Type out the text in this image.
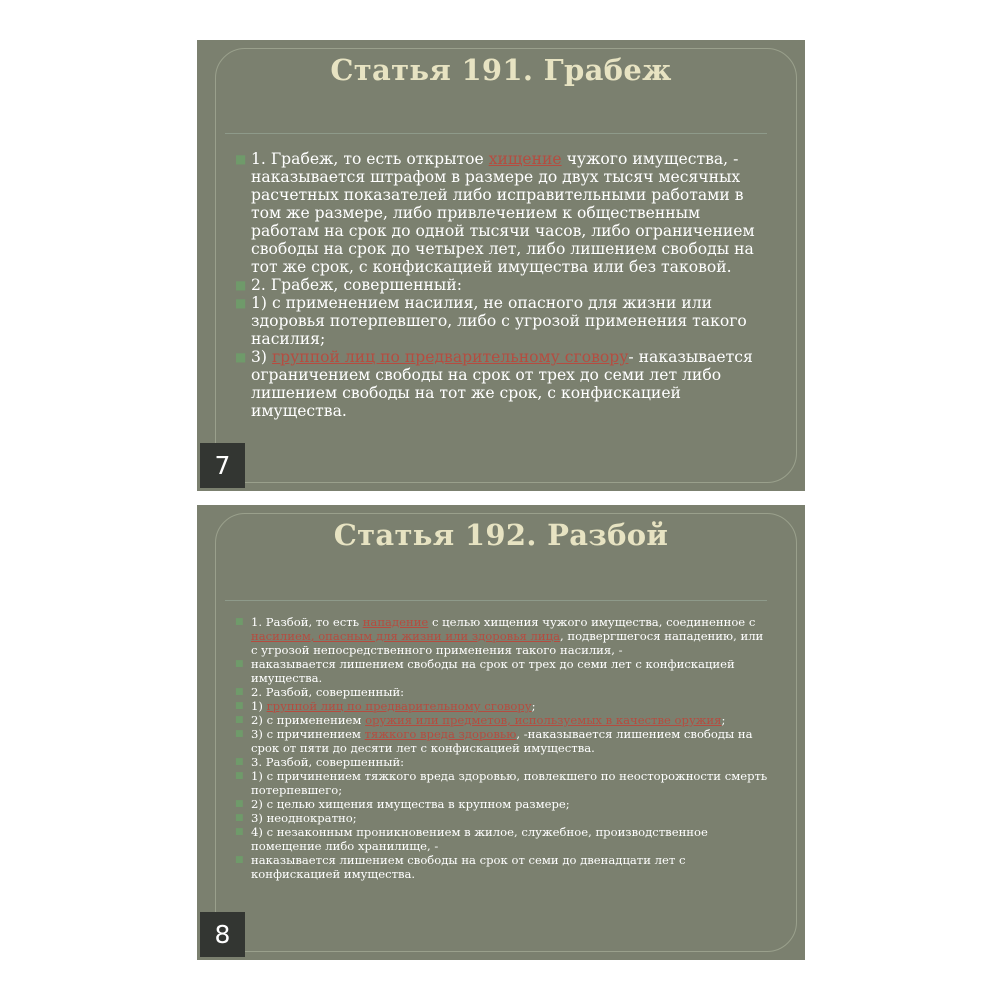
Статья 191. Грабеж
■ 1. Грабеж, то есть открытое хищение чужого имущества, - наказывается штрафом в размере до двух тысяч месячных расчетных показателей либо исправительными работами в том же размере, либо привлечением к общественным работам на срок до одной тысячи часов, либо ограничением свободы на срок до четырех лет, либо лишением свободы на тот же срок, с конфискацией имущества или без таковой.
■ 2. Грабеж, совершенный:
■ 1) с применением насилия, не опасного для жизни или здоровья потерпевшего, либо с угрозой применения такого насилия;
■ 3) группой лиц по предварительному сговору- наказывается ограничением свободы на срок от трех до семи лет либо лишением свободы на тот же срок, с конфискацией имущества.
7
Статья 192. Разбой
■ 1. Разбой, то есть нападение с целью хищения чужого имущества, соединенное с насилием, опасным для жизни или здоровья лица, подвергшегося нападению, или с угрозой непосредственного применения такого насилия, -
■ наказывается лишением свободы на срок от трех до семи лет с конфискацией имущества.
■ 2. Разбой, совершенный:
■ 1) группой лиц по предварительному сговору;
■ 2) с применением оружия или предметов, используемых в качестве оружия;
■ 3) с причинением тяжкого вреда здоровью, -наказывается лишением свободы на срок от пяти до десяти лет с конфискацией имущества.
■ 3. Разбой, совершенный:
■ 1) с причинением тяжкого вреда здоровью, повлекшего по неосторожности смерть потерпевшего;
■ 2) с целью хищения имущества в крупном размере;
■ 3) неоднократно;
■ 4) с незаконным проникновением в жилое, служебное, производственное помещение либо хранилище, -
■ наказывается лишением свободы на срок от семи до двенадцати лет с конфискацией имущества.
8
